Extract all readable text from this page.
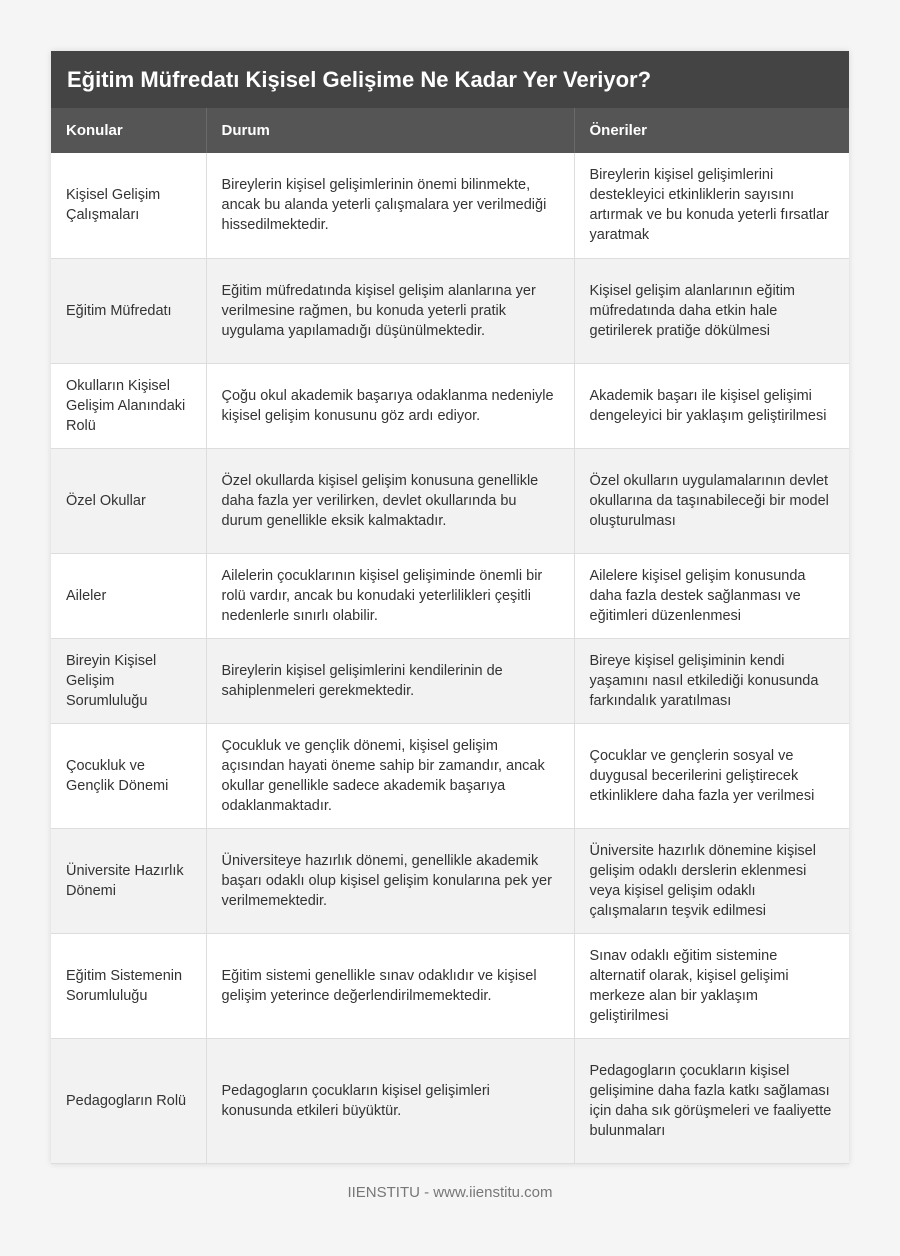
Eğitim Müfredatı Kişisel Gelişime Ne Kadar Yer Veriyor?
Konular	Durum	Öneriler
Kişisel Gelişim Çalışmaları	Bireylerin kişisel gelişimlerinin önemi bilinmekte, ancak bu alanda yeterli çalışmalara yer verilmediği hissedilmektedir.	Bireylerin kişisel gelişimlerini destekleyici etkinliklerin sayısını artırmak ve bu konuda yeterli fırsatlar yaratmak
Eğitim Müfredatı	Eğitim müfredatında kişisel gelişim alanlarına yer verilmesine rağmen, bu konuda yeterli pratik uygulama yapılamadığı düşünülmektedir.	Kişisel gelişim alanlarının eğitim müfredatında daha etkin hale getirilerek pratiğe dökülmesi
Okulların Kişisel Gelişim Alanındaki Rolü	Çoğu okul akademik başarıya odaklanma nedeniyle kişisel gelişim konusunu göz ardı ediyor.	Akademik başarı ile kişisel gelişimi dengeleyici bir yaklaşım geliştirilmesi
Özel Okullar	Özel okullarda kişisel gelişim konusuna genellikle daha fazla yer verilirken, devlet okullarında bu durum genellikle eksik kalmaktadır.	Özel okulların uygulamalarının devlet okullarına da taşınabileceği bir model oluşturulması
Aileler	Ailelerin çocuklarının kişisel gelişiminde önemli bir rolü vardır, ancak bu konudaki yeterlilikleri çeşitli nedenlerle sınırlı olabilir.	Ailelere kişisel gelişim konusunda daha fazla destek sağlanması ve eğitimleri düzenlenmesi
Bireyin Kişisel Gelişim Sorumluluğu	Bireylerin kişisel gelişimlerini kendilerinin de sahiplenmeleri gerekmektedir.	Bireye kişisel gelişiminin kendi yaşamını nasıl etkilediği konusunda farkındalık yaratılması
Çocukluk ve Gençlik Dönemi	Çocukluk ve gençlik dönemi, kişisel gelişim açısından hayati öneme sahip bir zamandır, ancak okullar genellikle sadece akademik başarıya odaklanmaktadır.	Çocuklar ve gençlerin sosyal ve duygusal becerilerini geliştirecek etkinliklere daha fazla yer verilmesi
Üniversite Hazırlık Dönemi	Üniversiteye hazırlık dönemi, genellikle akademik başarı odaklı olup kişisel gelişim konularına pek yer verilmemektedir.	Üniversite hazırlık dönemine kişisel gelişim odaklı derslerin eklenmesi veya kişisel gelişim odaklı çalışmaların teşvik edilmesi
Eğitim Sistemenin Sorumluluğu	Eğitim sistemi genellikle sınav odaklıdır ve kişisel gelişim yeterince değerlendirilmemektedir.	Sınav odaklı eğitim sistemine alternatif olarak, kişisel gelişimi merkeze alan bir yaklaşım geliştirilmesi
Pedagogların Rolü	Pedagogların çocukların kişisel gelişimleri konusunda etkileri büyüktür.	Pedagogların çocukların kişisel gelişimine daha fazla katkı sağlaması için daha sık görüşmeleri ve faaliyette bulunmaları
IIENSTITU - www.iienstitu.com
